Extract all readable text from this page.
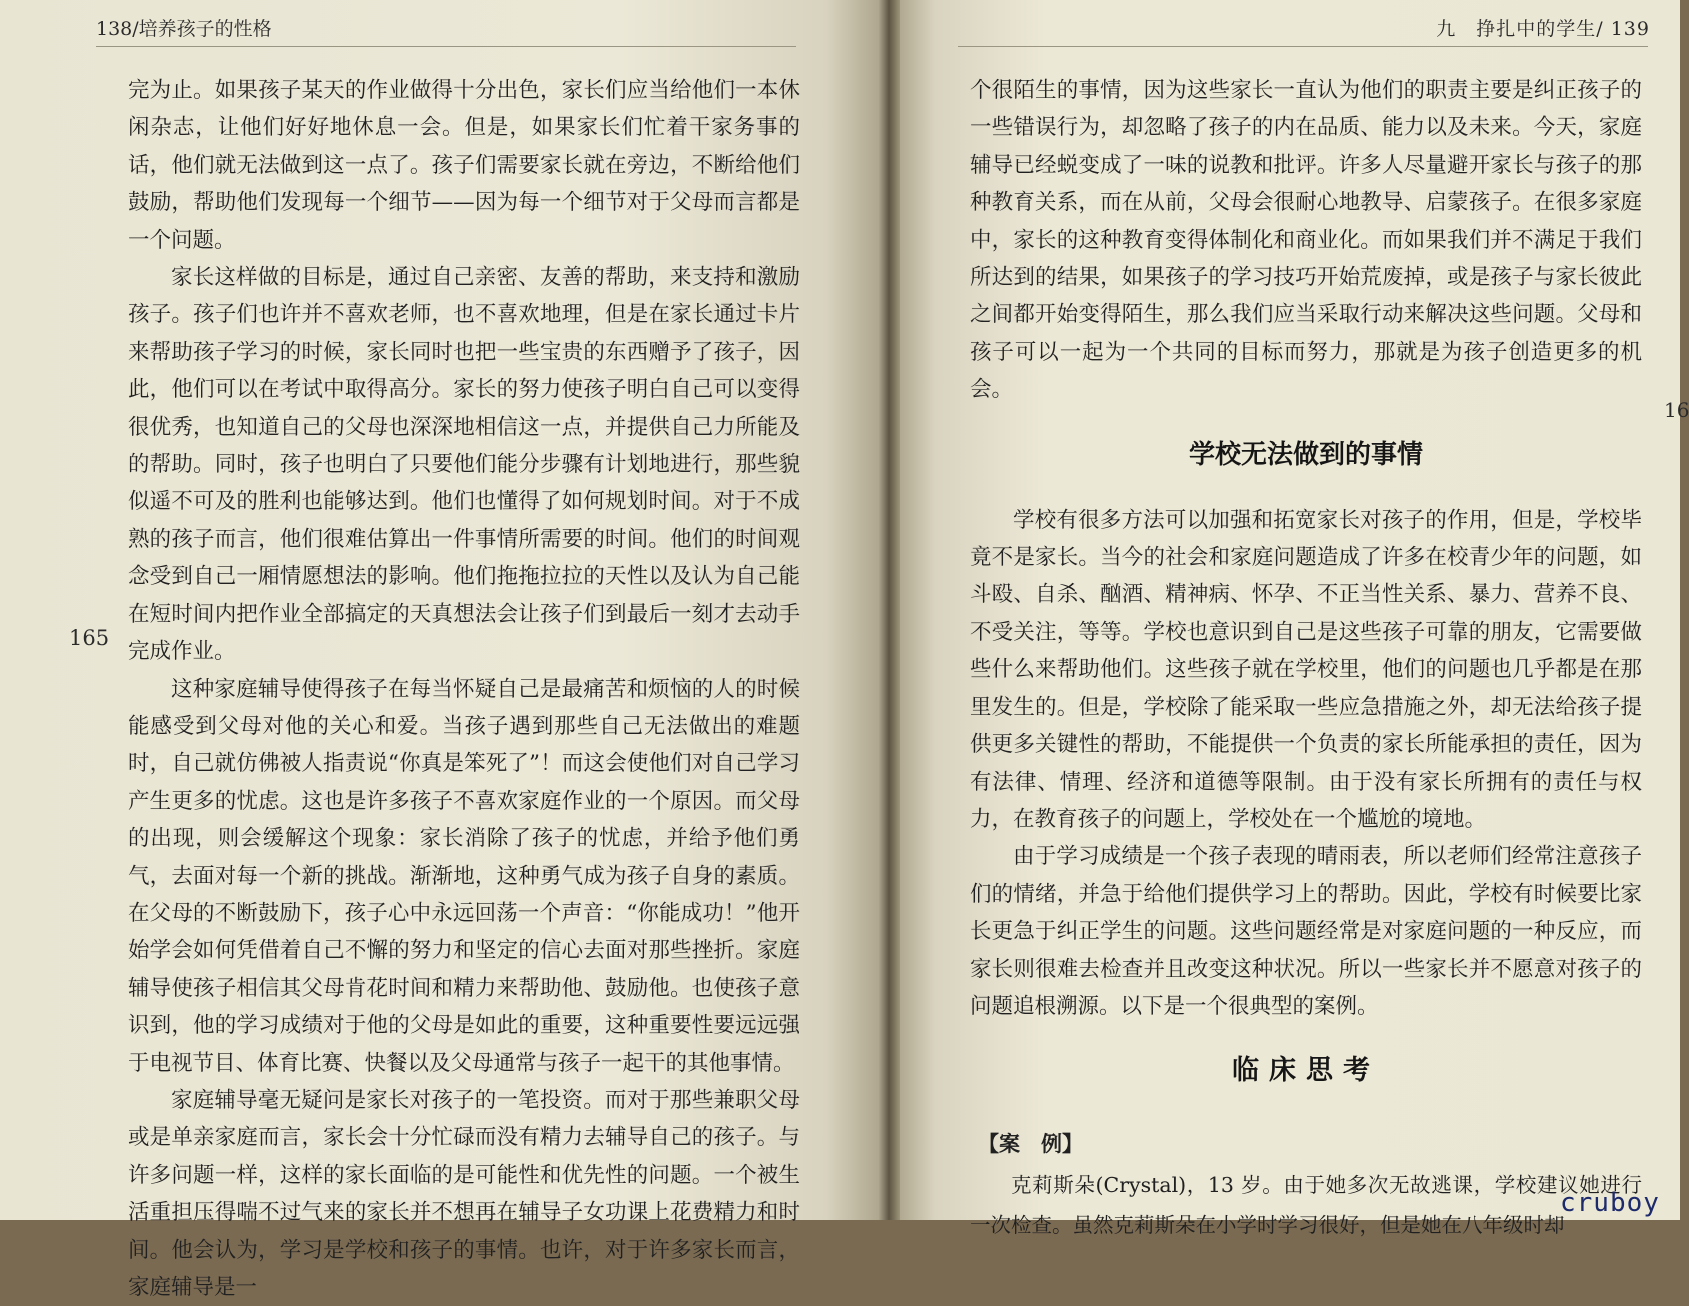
138/培养孩子的性格
165

完为止。如果孩子某天的作业做得十分出色，家长们应当给他们一本休闲杂志，让他们好好地休息一会。但是，如果家长们忙着干家务事的话，他们就无法做到这一点了。孩子们需要家长就在旁边，不断给他们鼓励，帮助他们发现每一个细节——因为每一个细节对于父母而言都是一个问题。

家长这样做的目标是，通过自己亲密、友善的帮助，来支持和激励孩子。孩子们也许并不喜欢老师，也不喜欢地理，但是在家长通过卡片来帮助孩子学习的时候，家长同时也把一些宝贵的东西赠予了孩子，因此，他们可以在考试中取得高分。家长的努力使孩子明白自己可以变得很优秀，也知道自己的父母也深深地相信这一点，并提供自己力所能及的帮助。同时，孩子也明白了只要他们能分步骤有计划地进行，那些貌似遥不可及的胜利也能够达到。他们也懂得了如何规划时间。对于不成熟的孩子而言，他们很难估算出一件事情所需要的时间。他们的时间观念受到自己一厢情愿想法的影响。他们拖拖拉拉的天性以及认为自己能在短时间内把作业全部搞定的天真想法会让孩子们到最后一刻才去动手完成作业。

这种家庭辅导使得孩子在每当怀疑自己是最痛苦和烦恼的人的时候能感受到父母对他的关心和爱。当孩子遇到那些自己无法做出的难题时，自己就仿佛被人指责说“你真是笨死了”！而这会使他们对自己学习产生更多的忧虑。这也是许多孩子不喜欢家庭作业的一个原因。而父母的出现，则会缓解这个现象：家长消除了孩子的忧虑，并给予他们勇气，去面对每一个新的挑战。渐渐地，这种勇气成为孩子自身的素质。在父母的不断鼓励下，孩子心中永远回荡一个声音：“你能成功！”他开始学会如何凭借着自己不懈的努力和坚定的信心去面对那些挫折。家庭辅导使孩子相信其父母肯花时间和精力来帮助他、鼓励他。也使孩子意识到，他的学习成绩对于他的父母是如此的重要，这种重要性要远远强于电视节目、体育比赛、快餐以及父母通常与孩子一起干的其他事情。

家庭辅导毫无疑问是家长对孩子的一笔投资。而对于那些兼职父母或是单亲家庭而言，家长会十分忙碌而没有精力去辅导自己的孩子。与许多问题一样，这样的家长面临的是可能性和优先性的问题。一个被生活重担压得喘不过气来的家长并不想再在辅导子女功课上花费精力和时间。他会认为，学习是学校和孩子的事情。也许，对于许多家长而言，家庭辅导是一

九　挣扎中的学生/ 139

个很陌生的事情，因为这些家长一直认为他们的职责主要是纠正孩子的一些错误行为，却忽略了孩子的内在品质、能力以及未来。今天，家庭辅导已经蜕变成了一味的说教和批评。许多人尽量避开家长与孩子的那种教育关系，而在从前，父母会很耐心地教导、启蒙孩子。在很多家庭中，家长的这种教育变得体制化和商业化。而如果我们并不满足于我们所达到的结果，如果孩子的学习技巧开始荒废掉，或是孩子与家长彼此之间都开始变得陌生，那么我们应当采取行动来解决这些问题。父母和孩子可以一起为一个共同的目标而努力，那就是为孩子创造更多的机会。

学校无法做到的事情

学校有很多方法可以加强和拓宽家长对孩子的作用，但是，学校毕竟不是家长。当今的社会和家庭问题造成了许多在校青少年的问题，如斗殴、自杀、酗酒、精神病、怀孕、不正当性关系、暴力、营养不良、不受关注，等等。学校也意识到自己是这些孩子可靠的朋友，它需要做些什么来帮助他们。这些孩子就在学校里，他们的问题也几乎都是在那里发生的。但是，学校除了能采取一些应急措施之外，却无法给孩子提供更多关键性的帮助，不能提供一个负责的家长所能承担的责任，因为有法律、情理、经济和道德等限制。由于没有家长所拥有的责任与权力，在教育孩子的问题上，学校处在一个尴尬的境地。

由于学习成绩是一个孩子表现的晴雨表，所以老师们经常注意孩子们的情绪，并急于给他们提供学习上的帮助。因此，学校有时候要比家长更急于纠正学生的问题。这些问题经常是对家庭问题的一种反应，而家长则很难去检查并且改变这种状况。所以一些家长并不愿意对孩子的问题追根溯源。以下是一个很典型的案例。

临床思考
【案　例】

克莉斯朵(Crystal)，13 岁。由于她多次无故逃课，学校建议她进行一次检查。虽然克莉斯朵在小学时学习很好，但是她在八年级时却

16
cruboy
